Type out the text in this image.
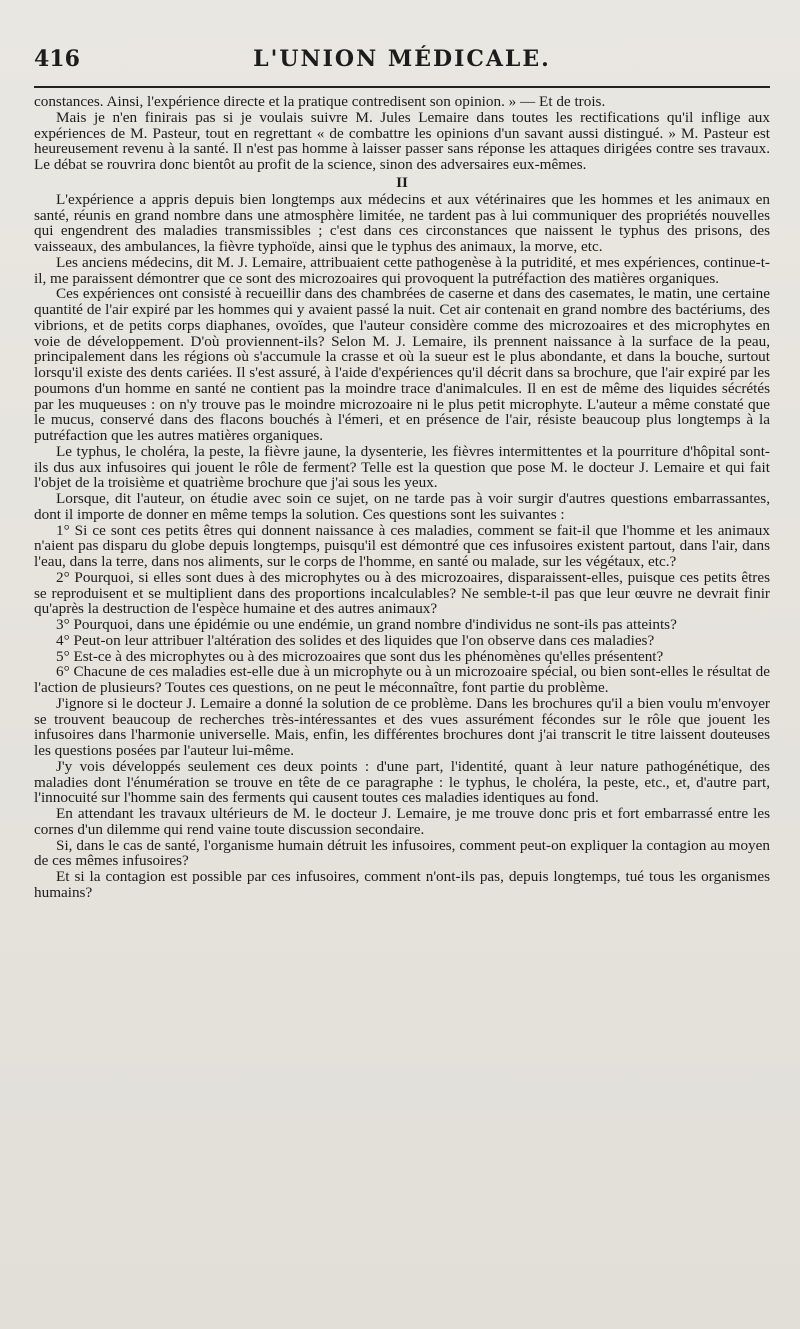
416	L'UNION MÉDICALE.

constances. Ainsi, l'expérience directe et la pratique contredisent son opinion. » — Et de trois.

Mais je n'en finirais pas si je voulais suivre M. Jules Lemaire dans toutes les rectifications qu'il inflige aux expériences de M. Pasteur, tout en regrettant « de combattre les opinions d'un savant aussi distingué. » M. Pasteur est heureusement revenu à la santé. Il n'est pas homme à laisser passer sans réponse les attaques dirigées contre ses travaux. Le débat se rouvrira donc bientôt au profit de la science, sinon des adversaires eux-mêmes.

II

L'expérience a appris depuis bien longtemps aux médecins et aux vétérinaires que les hommes et les animaux en santé, réunis en grand nombre dans une atmosphère limitée, ne tardent pas à lui communiquer des propriétés nouvelles qui engendrent des maladies transmissibles ; c'est dans ces circonstances que naissent le typhus des prisons, des vaisseaux, des ambulances, la fièvre typhoïde, ainsi que le typhus des animaux, la morve, etc.

Les anciens médecins, dit M. J. Lemaire, attribuaient cette pathogenèse à la putridité, et mes expériences, continue-t-il, me paraissent démontrer que ce sont des microzoaires qui provoquent la putréfaction des matières organiques.

Ces expériences ont consisté à recueillir dans des chambrées de caserne et dans des casemates, le matin, une certaine quantité de l'air expiré par les hommes qui y avaient passé la nuit. Cet air contenait en grand nombre des bactériums, des vibrions, et de petits corps diaphanes, ovoïdes, que l'auteur considère comme des microzoaires et des microphytes en voie de développement. D'où proviennent-ils? Selon M. J. Lemaire, ils prennent naissance à la surface de la peau, principalement dans les régions où s'accumule la crasse et où la sueur est le plus abondante, et dans la bouche, surtout lorsqu'il existe des dents cariées. Il s'est assuré, à l'aide d'expériences qu'il décrit dans sa brochure, que l'air expiré par les poumons d'un homme en santé ne contient pas la moindre trace d'animalcules. Il en est de même des liquides sécrétés par les muqueuses : on n'y trouve pas le moindre microzoaire ni le plus petit microphyte. L'auteur a même constaté que le mucus, conservé dans des flacons bouchés à l'émeri, et en présence de l'air, résiste beaucoup plus longtemps à la putréfaction que les autres matières organiques.

Le typhus, le choléra, la peste, la fièvre jaune, la dysenterie, les fièvres intermittentes et la pourriture d'hôpital sont-ils dus aux infusoires qui jouent le rôle de ferment? Telle est la question que pose M. le docteur J. Lemaire et qui fait l'objet de la troisième et quatrième brochure que j'ai sous les yeux.

Lorsque, dit l'auteur, on étudie avec soin ce sujet, on ne tarde pas à voir surgir d'autres questions embarrassantes, dont il importe de donner en même temps la solution. Ces questions sont les suivantes :

1° Si ce sont ces petits êtres qui donnent naissance à ces maladies, comment se fait-il que l'homme et les animaux n'aient pas disparu du globe depuis longtemps, puisqu'il est démontré que ces infusoires existent partout, dans l'air, dans l'eau, dans la terre, dans nos aliments, sur le corps de l'homme, en santé ou malade, sur les végétaux, etc.?

2° Pourquoi, si elles sont dues à des microphytes ou à des microzoaires, disparaissent-elles, puisque ces petits êtres se reproduisent et se multiplient dans des proportions incalculables? Ne semble-t-il pas que leur œuvre ne devrait finir qu'après la destruction de l'espèce humaine et des autres animaux?

3° Pourquoi, dans une épidémie ou une endémie, un grand nombre d'individus ne sont-ils pas atteints?

4° Peut-on leur attribuer l'altération des solides et des liquides que l'on observe dans ces maladies?

5° Est-ce à des microphytes ou à des microzoaires que sont dus les phénomènes qu'elles présentent?

6° Chacune de ces maladies est-elle due à un microphyte ou à un microzoaire spécial, ou bien sont-elles le résultat de l'action de plusieurs? Toutes ces questions, on ne peut le méconnaître, font partie du problème.

J'ignore si le docteur J. Lemaire a donné la solution de ce problème. Dans les brochures qu'il a bien voulu m'envoyer se trouvent beaucoup de recherches très-intéressantes et des vues assurément fécondes sur le rôle que jouent les infusoires dans l'harmonie universelle. Mais, enfin, les différentes brochures dont j'ai transcrit le titre laissent douteuses les questions posées par l'auteur lui-même.

J'y vois développés seulement ces deux points : d'une part, l'identité, quant à leur nature pathogénétique, des maladies dont l'énumération se trouve en tête de ce paragraphe : le typhus, le choléra, la peste, etc., et, d'autre part, l'innocuité sur l'homme sain des ferments qui causent toutes ces maladies identiques au fond.

En attendant les travaux ultérieurs de M. le docteur J. Lemaire, je me trouve donc pris et fort embarrassé entre les cornes d'un dilemme qui rend vaine toute discussion secondaire.

Si, dans le cas de santé, l'organisme humain détruit les infusoires, comment peut-on expliquer la contagion au moyen de ces mêmes infusoires?

Et si la contagion est possible par ces infusoires, comment n'ont-ils pas, depuis longtemps, tué tous les organismes humains?
